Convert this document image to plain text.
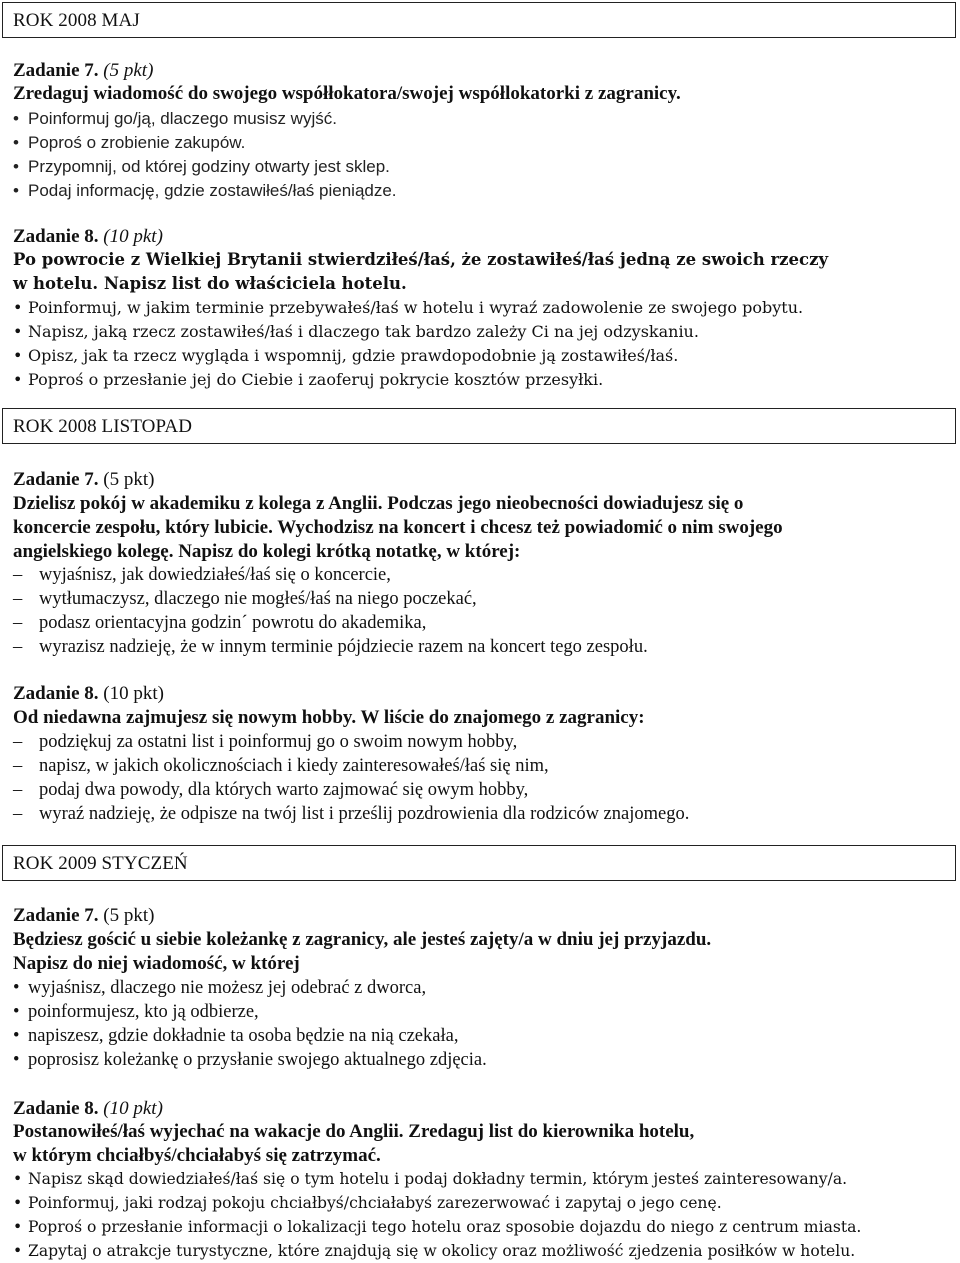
ROK 2008 MAJ
Zadanie 7. (5 pkt)
Zredaguj wiadomość do swojego współłokatora/swojej współlokatorki z zagranicy.
• Poinformuj go/ją, dlaczego musisz wyjść.
• Poproś o zrobienie zakupów.
• Przypomnij, od której godziny otwarty jest sklep.
• Podaj informację, gdzie zostawiłeś/łaś pieniądze.
Zadanie 8. (10 pkt)
Po powrocie z Wielkiej Brytanii stwierdziłeś/łaś, że zostawiłeś/łaś jedną ze swoich rzeczy
w hotelu. Napisz list do właściciela hotelu.
• Poinformuj, w jakim terminie przebywałeś/łaś w hotelu i wyraź zadowolenie ze swojego pobytu.
• Napisz, jaką rzecz zostawiłeś/łaś i dlaczego tak bardzo zależy Ci na jej odzyskaniu.
• Opisz, jak ta rzecz wygląda i wspomnij, gdzie prawdopodobnie ją zostawiłeś/łaś.
• Poproś o przesłanie jej do Ciebie i zaoferuj pokrycie kosztów przesyłki.
ROK 2008 LISTOPAD
Zadanie 7. (5 pkt)
Dzielisz pokój w akademiku z kolega z Anglii. Podczas jego nieobecności dowiadujesz się o
koncercie zespołu, który lubicie. Wychodzisz na koncert i chcesz też powiadomić o nim swojego
angielskiego kolegę. Napisz do kolegi krótką notatkę, w której:
– wyjaśnisz, jak dowiedziałeś/łaś się o koncercie,
– wytłumaczysz, dlaczego nie mogłeś/łaś na niego poczekać,
– podasz orientacyjna godzin´ powrotu do akademika,
– wyrazisz nadzieję, że w innym terminie pójdziecie razem na koncert tego zespołu.
Zadanie 8. (10 pkt)
Od niedawna zajmujesz się nowym hobby. W liście do znajomego z zagranicy:
– podziękuj za ostatni list i poinformuj go o swoim nowym hobby,
– napisz, w jakich okolicznościach i kiedy zainteresowałeś/łaś się nim,
– podaj dwa powody, dla których warto zajmować się owym hobby,
– wyraź nadzieję, że odpisze na twój list i prześlij pozdrowienia dla rodziców znajomego.
ROK 2009 STYCZEŃ
Zadanie 7. (5 pkt)
Będziesz gościć u siebie koleżankę z zagranicy, ale jesteś zajęty/a w dniu jej przyjazdu.
Napisz do niej wiadomość, w której
• wyjaśnisz, dlaczego nie możesz jej odebrać z dworca,
• poinformujesz, kto ją odbierze,
• napiszesz, gdzie dokładnie ta osoba będzie na nią czekała,
• poprosisz koleżankę o przysłanie swojego aktualnego zdjęcia.
Zadanie 8. (10 pkt)
Postanowiłeś/łaś wyjechać na wakacje do Anglii. Zredaguj list do kierownika hotelu,
w którym chciałbyś/chciałabyś się zatrzymać.
• Napisz skąd dowiedziałeś/łaś się o tym hotelu i podaj dokładny termin, którym jesteś zainteresowany/a.
• Poinformuj, jaki rodzaj pokoju chciałbyś/chciałabyś zarezerwować i zapytaj o jego cenę.
• Poproś o przesłanie informacji o lokalizacji tego hotelu oraz sposobie dojazdu do niego z centrum miasta.
• Zapytaj o atrakcje turystyczne, które znajdują się w okolicy oraz możliwość zjedzenia posiłków w hotelu.
